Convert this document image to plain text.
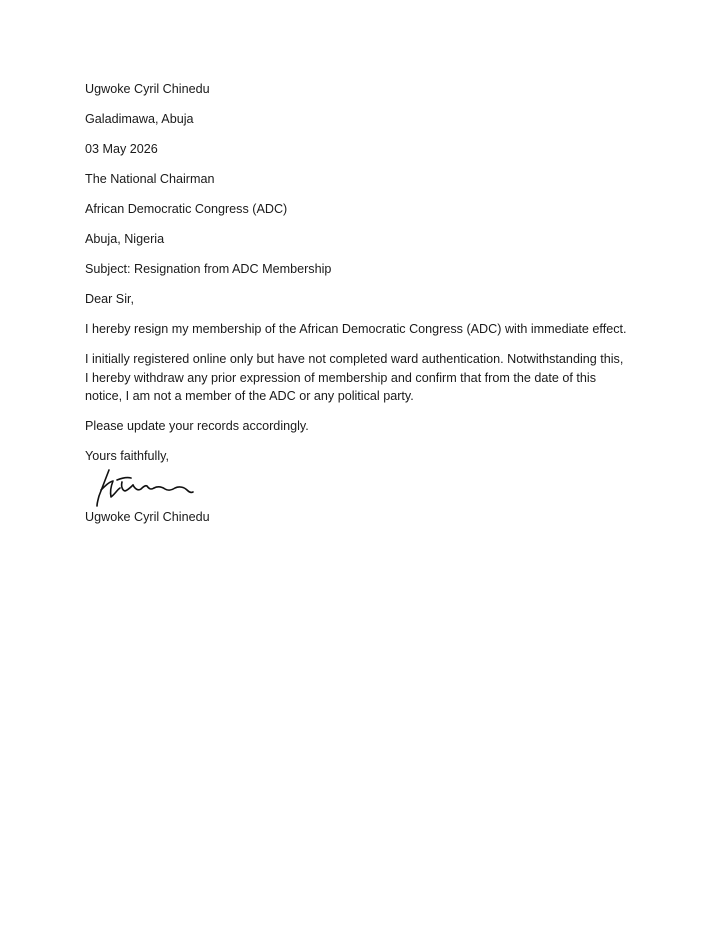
Ugwoke Cyril Chinedu

Galadimawa, Abuja

03 May 2026

The National Chairman

African Democratic Congress (ADC)

Abuja, Nigeria

Subject: Resignation from ADC Membership

Dear Sir,

I hereby resign my membership of the African Democratic Congress (ADC) with immediate effect.

I initially registered online only but have not completed ward authentication. Notwithstanding this, I hereby withdraw any prior expression of membership and confirm that from the date of this notice, I am not a member of the ADC or any political party.

Please update your records accordingly.

Yours faithfully,

Ugwoke Cyril Chinedu
